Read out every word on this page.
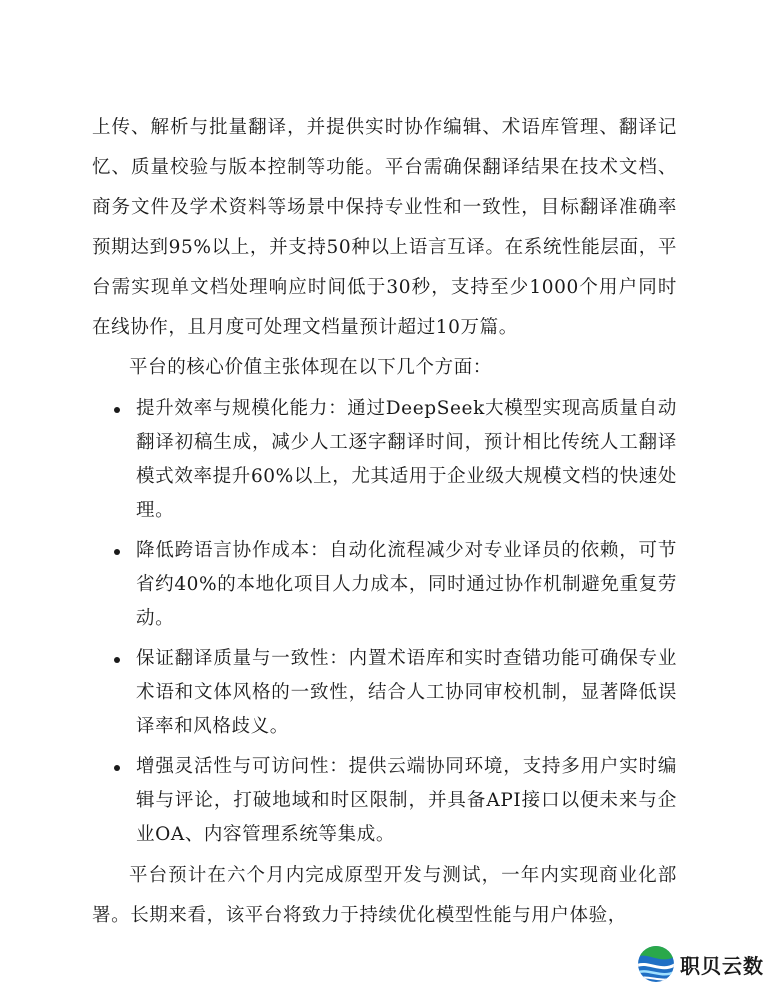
上传、解析与批量翻译，并提供实时协作编辑、术语库管理、翻译记忆、质量校验与版本控制等功能。平台需确保翻译结果在技术文档、商务文件及学术资料等场景中保持专业性和一致性，目标翻译准确率预期达到95%以上，并支持50种以上语言互译。在系统性能层面，平台需实现单文档处理响应时间低于30秒，支持至少1000个用户同时在线协作，且月度可处理文档量预计超过10万篇。

平台的核心价值主张体现在以下几个方面：

提升效率与规模化能力：通过DeepSeek大模型实现高质量自动翻译初稿生成，减少人工逐字翻译时间，预计相比传统人工翻译模式效率提升60%以上，尤其适用于企业级大规模文档的快速处理。
降低跨语言协作成本：自动化流程减少对专业译员的依赖，可节省约40%的本地化项目人力成本，同时通过协作机制避免重复劳动。
保证翻译质量与一致性：内置术语库和实时查错功能可确保专业术语和文体风格的一致性，结合人工协同审校机制，显著降低误译率和风格歧义。
增强灵活性与可访问性：提供云端协同环境，支持多用户实时编辑与评论，打破地域和时区限制，并具备API接口以便未来与企业OA、内容管理系统等集成。

平台预计在六个月内完成原型开发与测试，一年内实现商业化部署。长期来看，该平台将致力于持续优化模型性能与用户体验，

职贝云数
